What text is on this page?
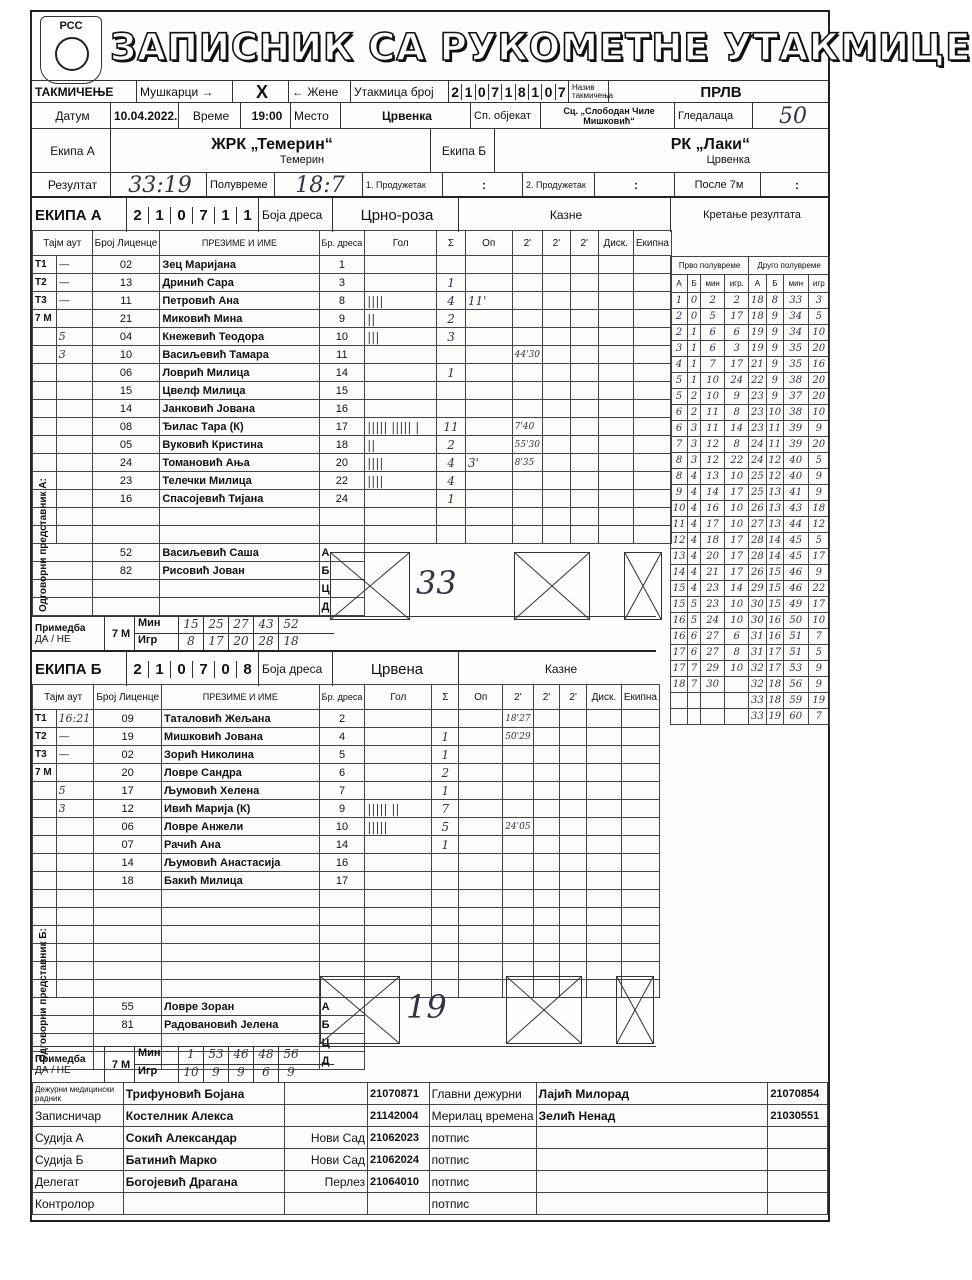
РСС ЗАПИСНИК СА РУКОМЕТНЕ УТАКМИЦЕ
ТАКМИЧЕЊЕ	Мушкарци
→	X	←
Жене	Утакмица број	2 1 0 7 1 8 1 0 7 Назив такмичења	ПРЛВ
Датум	10.04.2022.	Време	19:00 Место	Црвенка	Сп. објекат	Сц. „Слободан Чиле Мишковић“	Гледалаца	50
Екипа А	ЖРК „Темерин“
Темерин
Екипа Б	РК „Лаки“
Црвенка
Резултат	33:19	Полувреме	18:7	1. Продужетак	:	2. Продужетак	:	После 7м	:
ЕКИПА А	2 1 0 7 1 1 Боја дреса	Црно-роза	Казне	Кретање резултата
Тајм аут		Број Лиценце	ПРЕЗИМЕ И ИМЕ	Бр. дреса	Гол	Σ	Оп	2'	2'	2'	Диск.	Екипна
T1	—	02	Зец Маријана	1								
T2	—	13	Дринић Сара	3		1						
T3	—	11	Петровић Ана	8	||||	4	11'					
7 M		21	Миковић Мина	9	||	2						
	5	04	Кнежевић Теодора	10	|||	3						
	3	10	Васиљевић Тамара	11				44'30				
		06	Ловрић Милица	14		1						
		15	Цвелф Милица	15								
		14	Јанковић Јована	16								
		08	Ђилас Тара (К)	17	||||| ||||| |	11		7'40				
		05	Вуковић Кристина	18	||	2		55'30				
		24	Томановић Ања	20	||||	4	3'	8'35				
		23	Телечки Милица	22	||||	4						
		16	Спасојевић Тијана	24		1						

		52	Васиљевић Саша	А								
		82	Рисовић Јован	Б								
				Ц								
				Д								
Прво полувреме				Друго полувреме			
А	Б	мин	игр.	А	Б	мин	игр
1	0	2	2	18	8	33	3
2	0	5	17	18	9	34	5
2	1	6	6	19	9	34	10
3	1	6	3	19	9	35	20
4	1	7	17	21	9	35	16
5	1	10	24	22	9	38	20
5	2	10	9	23	9	37	20
6	2	11	8	23	10	38	10
6	3	11	14	23	11	39	9
7	3	12	8	24	11	39	20
8	3	12	22	24	12	40	5
8	4	13	10	25	12	40	9
9	4	14	17	25	13	41	9
10	4	16	10	26	13	43	18
11	4	17	10	27	13	44	12
12	4	18	17	28	14	45	5
13	4	20	17	28	14	45	17
14	4	21	17	26	15	46	9
15	4	23	14	29	15	46	22
15	5	23	10	30	15	49	17
16	5	24	10	30	16	50	10
16	6	27	6	31	16	51	7
17	6	27	8	31	17	51	5
17	7	29	10	32	17	53	9
18	7	30		32	18	56	9
				33	18	59	19
				33	19	60	7
Одговорни представник А:	33
Примедба
ДА / НЕ	7 М
Мин	15 25 27 43 52
Игр	8	17 20 28 18
ЕКИПА Б	2 1 0 7 0 8 Боја дреса	Црвена	Казне
Тајм аут		Број Лиценце	ПРЕЗИМЕ И ИМЕ	Бр. дреса	Гол	Σ	Оп	2'	2'	2'	Диск.	Екипна
T1	16:21	09	Таталовић Жељана	2				18'27				
T2	—	19	Мишковић Јована	4		1		50'29				
T3	—	02	Зорић Николина	5		1						
7 M		20	Ловре Сандра	6		2						
	5	17	Љумовић Хелена	7		1						
	3	12	Ивић Марија (К)	9	||||| ||	7						
		06	Ловре Анжели	10	|||||	5		24'05				
		07	Рачић Ана	14		1						
		14	Љумовић Анастасија	16								
		18	Бакић Милица	17								

		55	Ловре Зоран	А								
		81	Радовановић Јелена	Б								
				Ц								
				Д								
Одговорни представник Б:	19
Примедба
ДА / НЕ	7 М
Мин	1	53 46 48 56
Игр	10	9	9	6	9
Дежурни медицински радник	Трифуновић Бојана		21070871	Главни дежурни	Лајић Милорад	21070854
Записничар	Костелник Алекса		21142004	Мерилац времена	Зелић Ненад	21030551
Судија А	Сокић Александар	Нови Сад	21062023	потпис		
Судија Б	Батинић Марко	Нови Сад	21062024	потпис		
Делегат	Богојевић Драгана	Перлез	21064010	потпис		
Контролор				потпис		
